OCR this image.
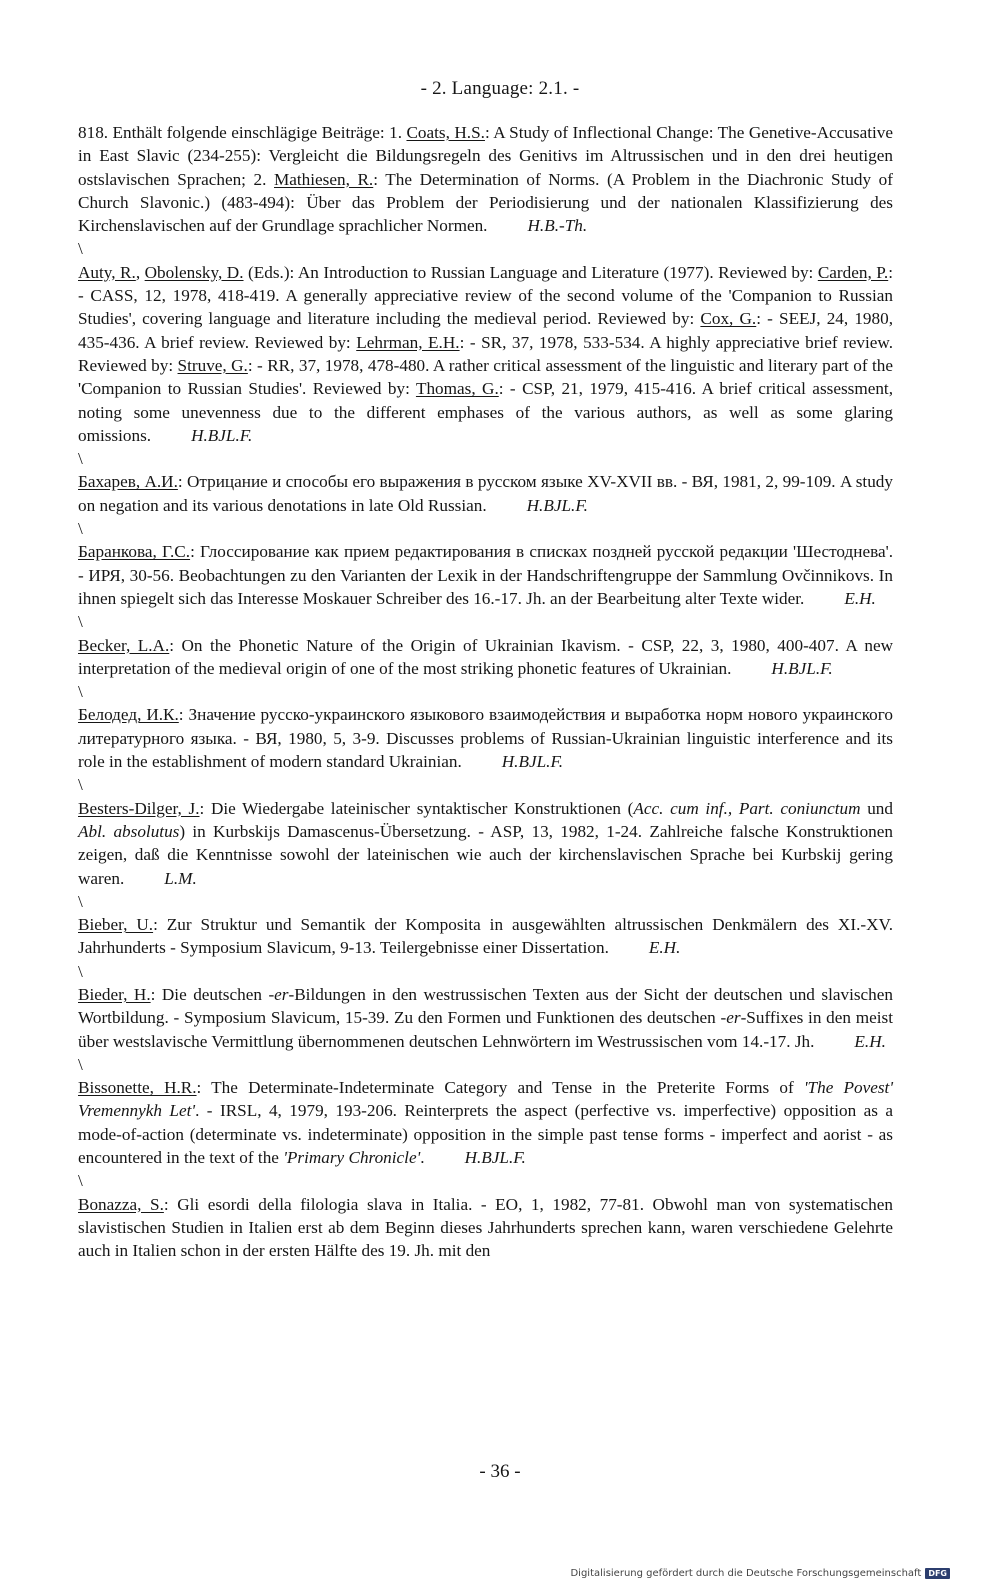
- 2. Language: 2.1. -

818. Enthält folgende einschlägige Beiträge: 1. Coats, H.S.: A Study of Inflectional Change: The Genetive-Accusative in East Slavic (234-255): Vergleicht die Bildungsregeln des Genitivs im Altrussischen und in den drei heutigen ostslavischen Sprachen; 2. Mathiesen, R.: The Determination of Norms. (A Problem in the Diachronic Study of Church Slavonic.) (483-494): Über das Problem der Periodisierung und der nationalen Klassifizierung des Kirchenslavischen auf der Grundlage sprachlicher Normen. H.B.-Th.

\

Auty, R., Obolensky, D. (Eds.): An Introduction to Russian Language and Literature (1977). Reviewed by: Carden, P.: - CASS, 12, 1978, 418-419. A generally appreciative review of the second volume of the 'Companion to Russian Studies', covering language and literature including the medieval period. Reviewed by: Cox, G.: - SEEJ, 24, 1980, 435-436. A brief review. Reviewed by: Lehrman, E.H.: - SR, 37, 1978, 533-534. A highly appreciative brief review. Reviewed by: Struve, G.: - RR, 37, 1978, 478-480. A rather critical assessment of the linguistic and literary part of the 'Companion to Russian Studies'. Reviewed by: Thomas, G.: - CSP, 21, 1979, 415-416. A brief critical assessment, noting some unevenness due to the different emphases of the various authors, as well as some glaring omissions. H.BJL.F.

\

Бахарев, А.И.: Отрицание и способы его выражения в русском языке XV-XVII вв. - ВЯ, 1981, 2, 99-109. A study on negation and its various denotations in late Old Russian. H.BJL.F.

\

Баранкова, Г.С.: Глоссирование как прием редактирования в списках поздней русской редакции 'Шестоднева'. - ИРЯ, 30-56. Beobachtungen zu den Varianten der Lexik in der Handschriftengruppe der Sammlung Ovčinnikovs. In ihnen spiegelt sich das Interesse Moskauer Schreiber des 16.-17. Jh. an der Bearbeitung alter Texte wider. E.H.

\

Becker, L.A.: On the Phonetic Nature of the Origin of Ukrainian Ikavism. - CSP, 22, 3, 1980, 400-407. A new interpretation of the medieval origin of one of the most striking phonetic features of Ukrainian. H.BJL.F.

\

Белодед, И.К.: Значение русско-украинского языкового взаимодействия и выработка норм нового украинского литературного языка. - ВЯ, 1980, 5, 3-9. Discusses problems of Russian-Ukrainian linguistic interference and its role in the establishment of modern standard Ukrainian. H.BJL.F.

\

Besters-Dilger, J.: Die Wiedergabe lateinischer syntaktischer Konstruktionen (Acc. cum inf., Part. coniunctum und Abl. absolutus) in Kurbskijs Damascenus-Übersetzung. - ASP, 13, 1982, 1-24. Zahlreiche falsche Konstruktionen zeigen, daß die Kenntnisse sowohl der lateinischen wie auch der kirchenslavischen Sprache bei Kurbskij gering waren. L.M.

\

Bieber, U.: Zur Struktur und Semantik der Komposita in ausgewählten altrussischen Denkmälern des XI.-XV. Jahrhunderts - Symposium Slavicum, 9-13. Teilergebnisse einer Dissertation. E.H.

\

Bieder, H.: Die deutschen -er-Bildungen in den westrussischen Texten aus der Sicht der deutschen und slavischen Wortbildung. - Symposium Slavicum, 15-39. Zu den Formen und Funktionen des deutschen -er-Suffixes in den meist über westslavische Vermittlung übernommenen deutschen Lehnwörtern im Westrussischen vom 14.-17. Jh. E.H.

\

Bissonette, H.R.: The Determinate-Indeterminate Category and Tense in the Preterite Forms of 'The Povest' Vremennykh Let'. - IRSL, 4, 1979, 193-206. Reinterprets the aspect (perfective vs. imperfective) opposition as a mode-of-action (determinate vs. indeterminate) opposition in the simple past tense forms - imperfect and aorist - as encountered in the text of the 'Primary Chronicle'. H.BJL.F.

\

Bonazza, S.: Gli esordi della filologia slava in Italia. - EO, 1, 1982, 77-81. Obwohl man von systematischen slavistischen Studien in Italien erst ab dem Beginn dieses Jahrhunderts sprechen kann, waren verschiedene Gelehrte auch in Italien schon in der ersten Hälfte des 19. Jh. mit den

- 36 -
Digitalisierung gefördert durch die Deutsche Forschungsgemeinschaft DFG
